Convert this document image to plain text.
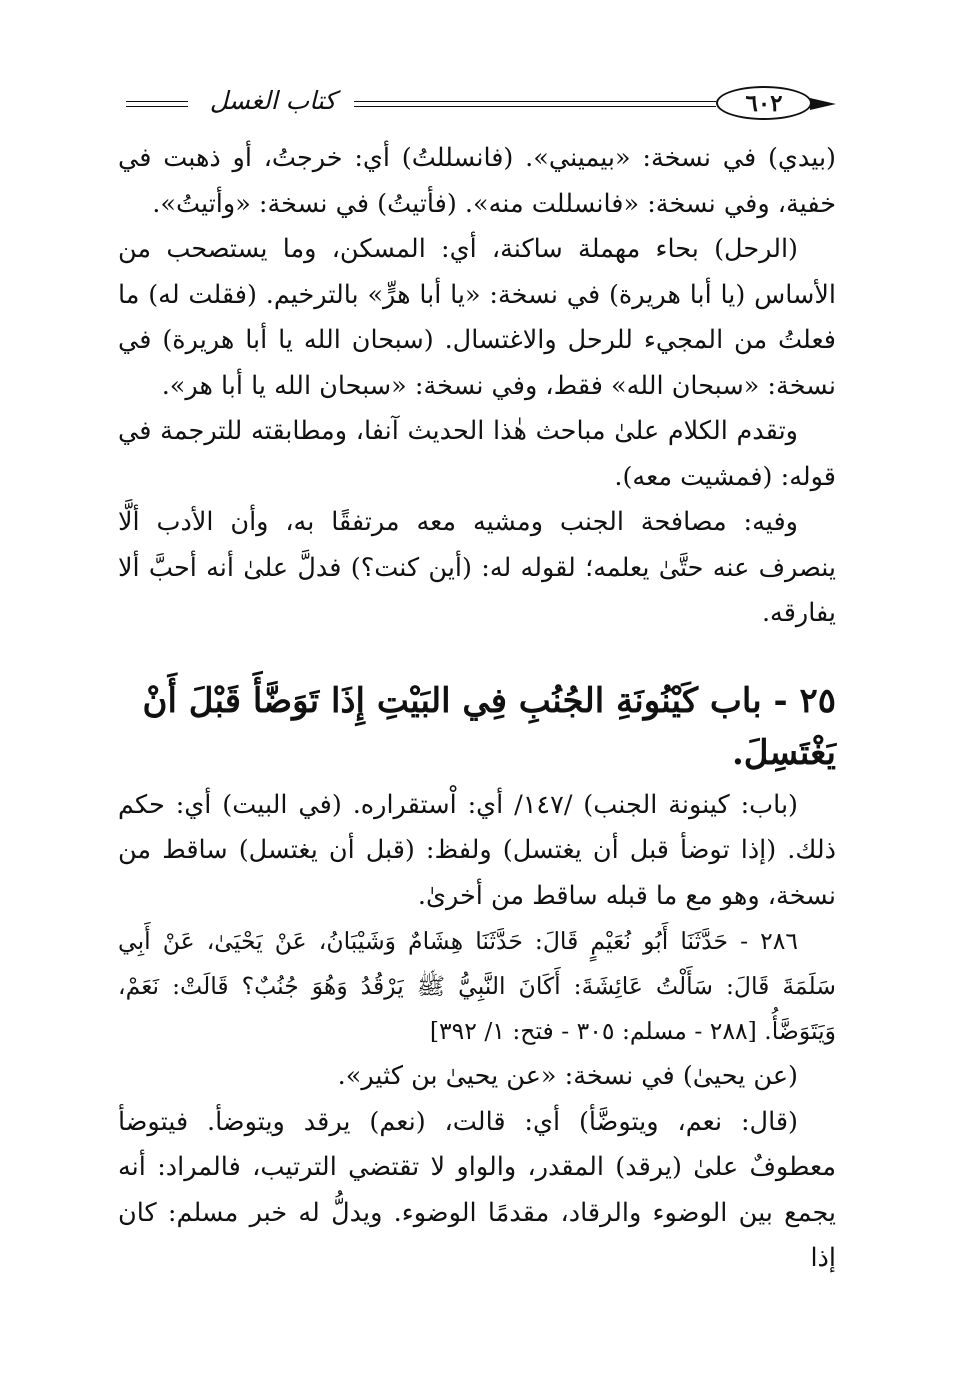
كتاب الغسل	٦٠٢

(بيدي) في نسخة: «بيميني». (فانسللتُ) أي: خرجتُ، أو ذهبت في خفية، وفي نسخة: «فانسللت منه». (فأتيتُ) في نسخة: «وأتيتُ».

(الرحل) بحاء مهملة ساكنة، أي: المسكن، وما يستصحب من الأساس (يا أبا هريرة) في نسخة: «يا أبا هرٍّ» بالترخيم. (فقلت له) ما فعلتُ من المجيء للرحل والاغتسال. (سبحان الله يا أبا هريرة) في نسخة: «سبحان الله» فقط، وفي نسخة: «سبحان الله يا أبا هر».

وتقدم الكلام علىٰ مباحث هٰذا الحديث آنفا، ومطابقته للترجمة في قوله: (فمشيت معه).

وفيه: مصافحة الجنب ومشيه معه مرتفقًا به، وأن الأدب ألَّا ينصرف عنه حتَّىٰ يعلمه؛ لقوله له: (أين كنت؟) فدلَّ علىٰ أنه أحبَّ ألا يفارقه.

٢٥ - باب كَيْنُونَةِ الجُنُبِ فِي البَيْتِ إِذَا تَوَضَّأَ قَبْلَ أَنْ يَغْتَسِلَ.

(باب: كينونة الجنب) /١٤٧/ أي: اْستقراره. (في البيت) أي: حكم ذلك. (إذا توضأ قبل أن يغتسل) ولفظ: (قبل أن يغتسل) ساقط من نسخة، وهو مع ما قبله ساقط من أخرىٰ.

٢٨٦ - حَدَّثَنَا أَبُو نُعَيْمٍ قَالَ: حَدَّثَنَا هِشَامٌ وَشَيْبَانُ، عَنْ يَحْيَىٰ، عَنْ أَبِي سَلَمَةَ قَالَ: سَأَلْتُ عَائِشَةَ: أَكَانَ النَّبِيُّ ﷺ يَرْقُدُ وَهُوَ جُنُبٌ؟ قَالَتْ: نَعَمْ، وَيَتَوَضَّأُ. [٢٨٨ - مسلم: ٣٠٥ - فتح: ١/ ٣٩٢]

(عن يحيىٰ) في نسخة: «عن يحيىٰ بن كثير».

(قال: نعم، ويتوضَّأ) أي: قالت، (نعم) يرقد ويتوضأ. فيتوضأ معطوفٌ علىٰ (يرقد) المقدر، والواو لا تقتضي الترتيب، فالمراد: أنه يجمع بين الوضوء والرقاد، مقدمًا الوضوء. ويدلُّ له خبر مسلم: كان إذا
